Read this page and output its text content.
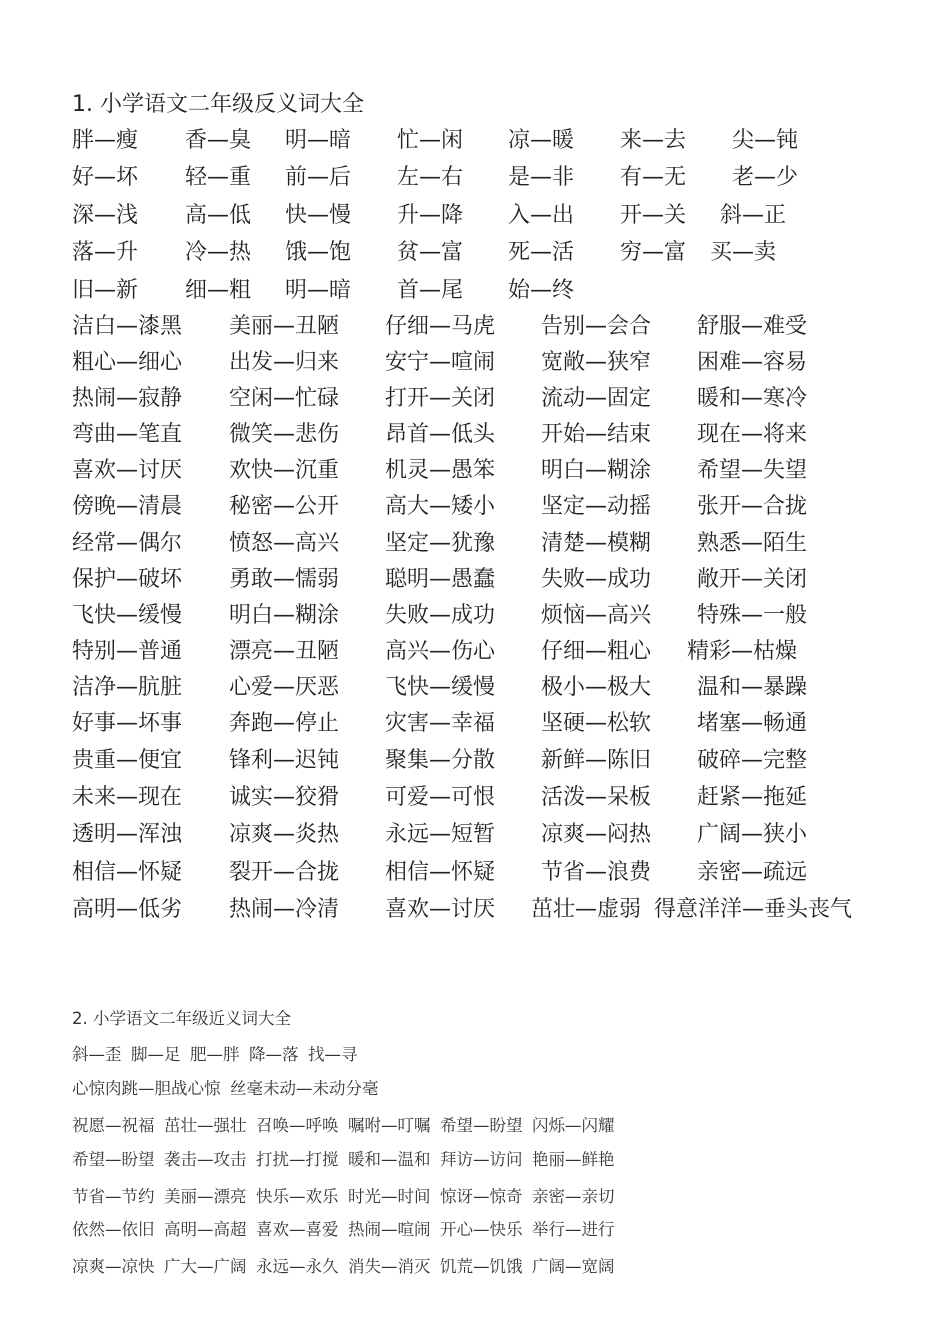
1. 小学语文二年级反义词大全
胖—瘦 香—臭 明—暗 忙—闲 凉—暖 来—去 尖—钝
好—坏 轻—重 前—后 左—右 是—非 有—无 老—少
深—浅 高—低 快—慢 升—降 入—出 开—关 斜—正
落—升 冷—热 饿—饱 贫—富 死—活 穷—富 买—卖
旧—新 细—粗 明—暗 首—尾 始—终
洁白—漆黑 美丽—丑陋 仔细—马虎 告别—会合 舒服—难受
粗心—细心 出发—归来 安宁—喧闹 宽敞—狭窄 困难—容易
热闹—寂静 空闲—忙碌 打开—关闭 流动—固定 暖和—寒冷
弯曲—笔直 微笑—悲伤 昂首—低头 开始—结束 现在—将来
喜欢—讨厌 欢快—沉重 机灵—愚笨 明白—糊涂 希望—失望
傍晚—清晨 秘密—公开 高大—矮小 坚定—动摇 张开—合拢
经常—偶尔 愤怒—高兴 坚定—犹豫 清楚—模糊 熟悉—陌生
保护—破坏 勇敢—懦弱 聪明—愚蠢 失败—成功 敞开—关闭
飞快—缓慢 明白—糊涂 失败—成功 烦恼—高兴 特殊—一般
特别—普通 漂亮—丑陋 高兴—伤心 仔细—粗心 精彩—枯燥
洁净—肮脏 心爱—厌恶 飞快—缓慢 极小—极大 温和—暴躁
好事—坏事 奔跑—停止 灾害—幸福 坚硬—松软 堵塞—畅通
贵重—便宜 锋利—迟钝 聚集—分散 新鲜—陈旧 破碎—完整
未来—现在 诚实—狡猾 可爱—可恨 活泼—呆板 赶紧—拖延
透明—浑浊 凉爽—炎热 永远—短暂 凉爽—闷热 广阔—狭小
相信—怀疑 裂开—合拢 相信—怀疑 节省—浪费 亲密—疏远
高明—低劣 热闹—冷清 喜欢—讨厌 茁壮—虚弱 得意洋洋—垂头丧气
2. 小学语文二年级近义词大全
斜—歪 脚—足 肥—胖 降—落 找—寻
心惊肉跳—胆战心惊 丝毫未动—未动分毫
祝愿—祝福 茁壮—强壮 召唤—呼唤 嘱咐—叮嘱 希望—盼望 闪烁—闪耀
希望—盼望 袭击—攻击 打扰—打搅 暖和—温和 拜访—访问 艳丽—鲜艳
节省—节约 美丽—漂亮 快乐—欢乐 时光—时间 惊讶—惊奇 亲密—亲切
依然—依旧 高明—高超 喜欢—喜爱 热闹—喧闹 开心—快乐 举行—进行
凉爽—凉快 广大—广阔 永远—永久 消失—消灭 饥荒—饥饿 广阔—宽阔
